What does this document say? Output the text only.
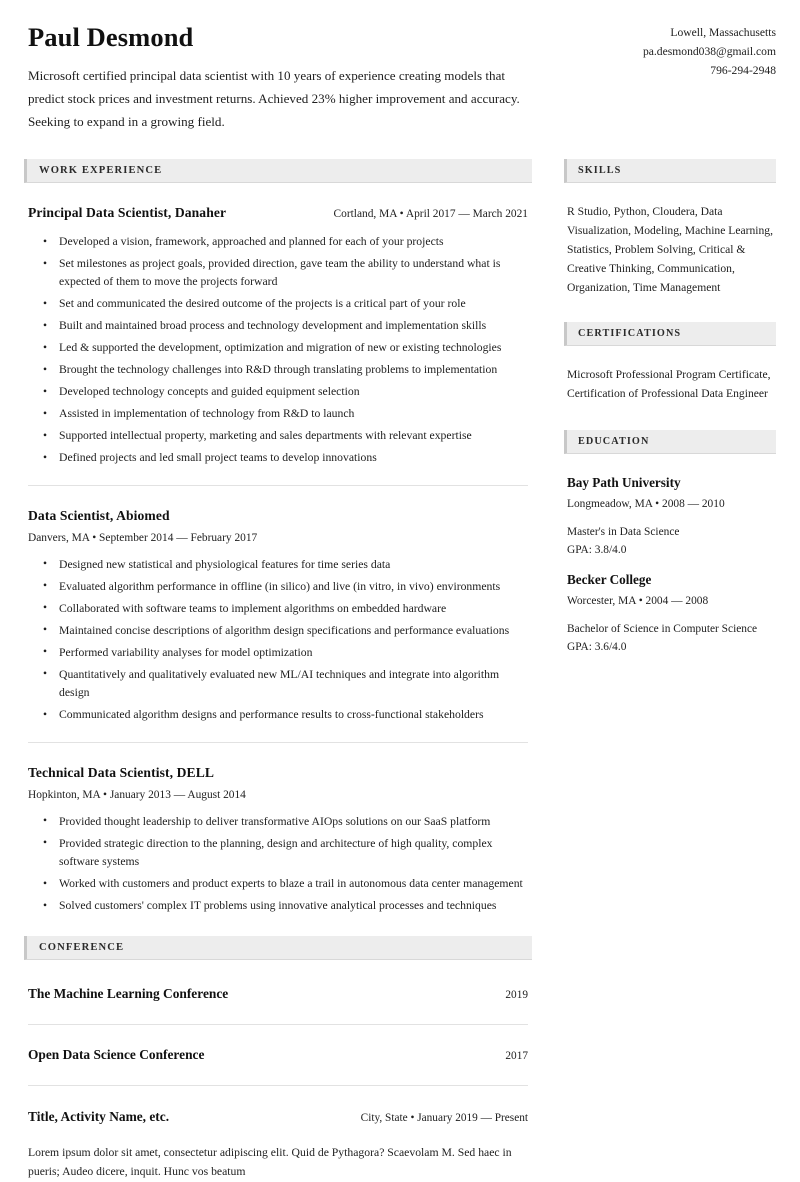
Paul Desmond
Microsoft certified principal data scientist with 10 years of experience creating models that predict stock prices and investment returns. Achieved 23% higher improvement and accuracy. Seeking to expand in a growing field.
Lowell, Massachusetts
pa.desmond038@gmail.com
796-294-2948
WORK EXPERIENCE
Principal Data Scientist, Danaher	Cortland, MA • April 2017 — March 2021
• Developed a vision, framework, approached and planned for each of your projects
• Set milestones as project goals, provided direction, gave team the ability to understand what is expected of them to move the projects forward
• Set and communicated the desired outcome of the projects is a critical part of your role
• Built and maintained broad process and technology development and implementation skills
• Led & supported the development, optimization and migration of new or existing technologies
• Brought the technology challenges into R&D through translating problems to implementation
• Developed technology concepts and guided equipment selection
• Assisted in implementation of technology from R&D to launch
• Supported intellectual property, marketing and sales departments with relevant expertise
• Defined projects and led small project teams to develop innovations
Data Scientist, Abiomed
Danvers, MA • September 2014 — February 2017
• Designed new statistical and physiological features for time series data
• Evaluated algorithm performance in offline (in silico) and live (in vitro, in vivo) environments
• Collaborated with software teams to implement algorithms on embedded hardware
• Maintained concise descriptions of algorithm design specifications and performance evaluations
• Performed variability analyses for model optimization
• Quantitatively and qualitatively evaluated new ML/AI techniques and integrate into algorithm design
• Communicated algorithm designs and performance results to cross-functional stakeholders
Technical Data Scientist, DELL
Hopkinton, MA • January 2013 — August 2014
• Provided thought leadership to deliver transformative AIOps solutions on our SaaS platform
• Provided strategic direction to the planning, design and architecture of high quality, complex software systems
• Worked with customers and product experts to blaze a trail in autonomous data center management
• Solved customers' complex IT problems using innovative analytical processes and techniques
CONFERENCE
The Machine Learning Conference	2019
Open Data Science Conference	2017
Title, Activity Name, etc.	City, State • January 2019 — Present
Lorem ipsum dolor sit amet, consectetur adipiscing elit. Quid de Pythagora? Scaevolam M. Sed haec in pueris; Audeo dicere, inquit. Hunc vos beatum
SKILLS
R Studio, Python, Cloudera, Data Visualization, Modeling, Machine Learning, Statistics, Problem Solving, Critical & Creative Thinking, Communication, Organization, Time Management
CERTIFICATIONS
Microsoft Professional Program Certificate, Certification of Professional Data Engineer
EDUCATION
Bay Path University
Longmeadow, MA • 2008 — 2010
Master's in Data Science
GPA: 3.8/4.0
Becker College
Worcester, MA • 2004 — 2008
Bachelor of Science in Computer Science
GPA: 3.6/4.0
